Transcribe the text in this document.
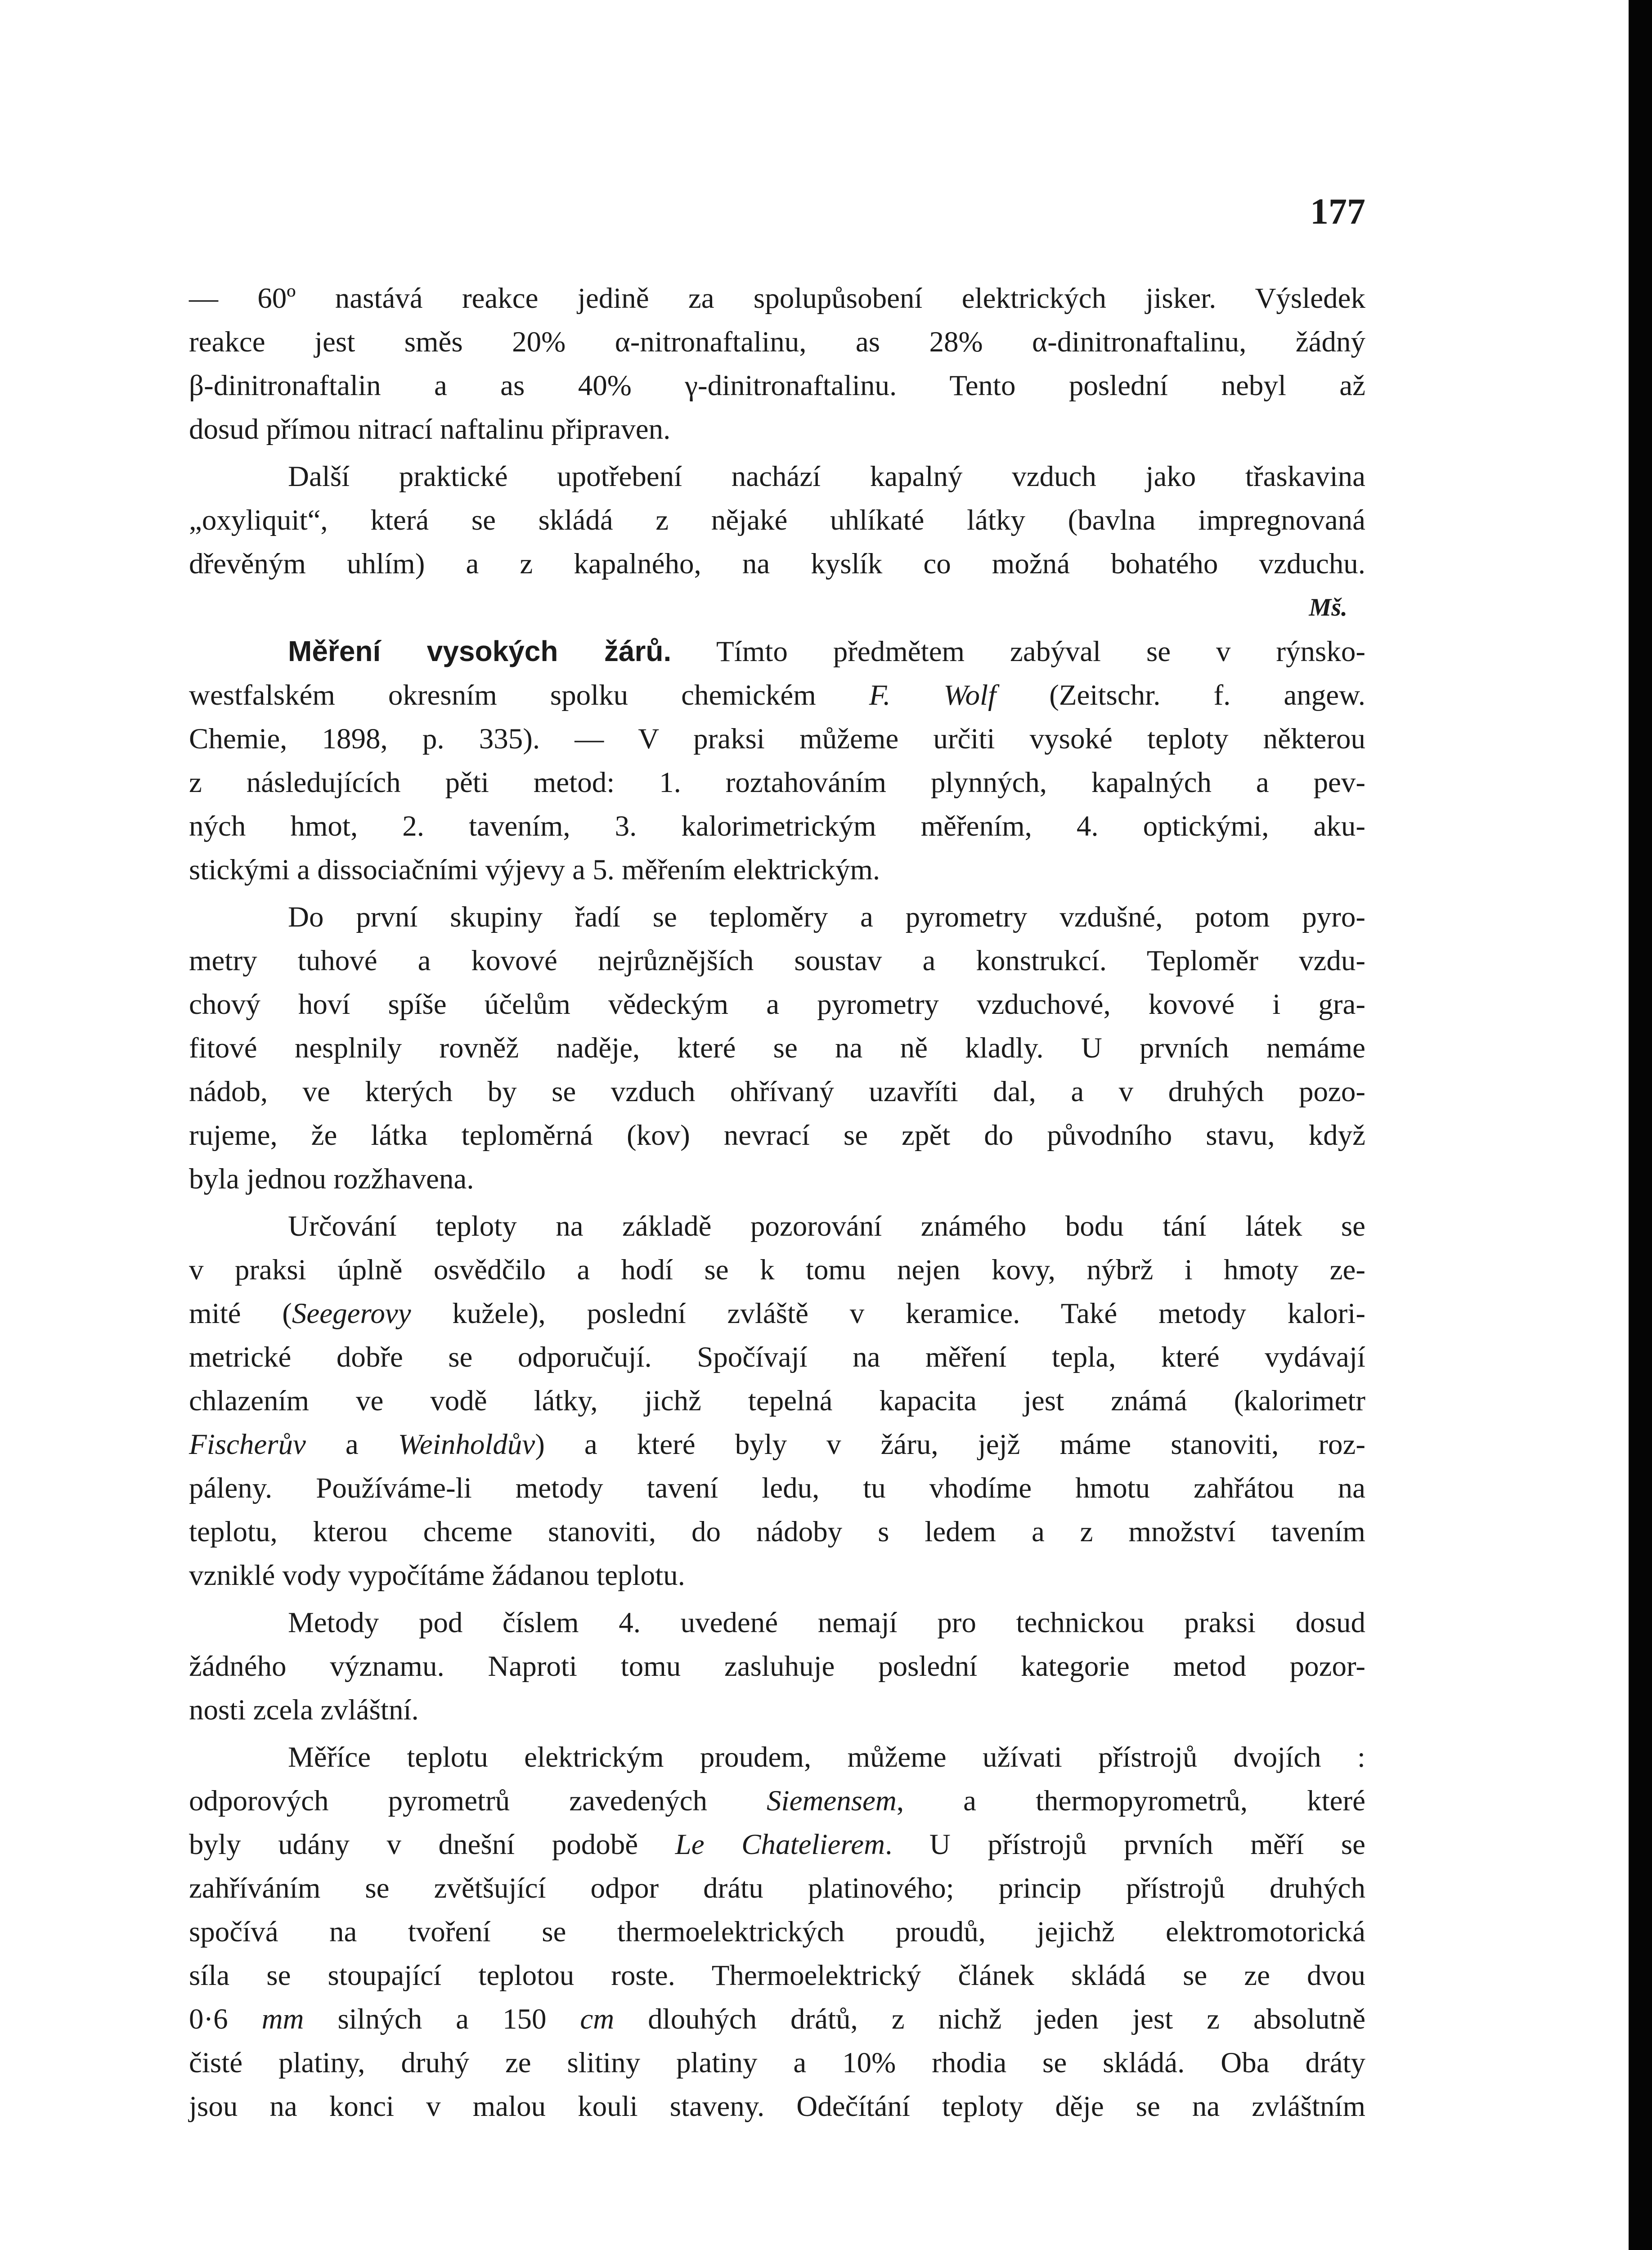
177
— 60º nastává reakce jedině za spolupůsobení elektrických jisker. Výsledek
reakce jest směs 20% α-nitronaftalinu, as 28% α-dinitronaftalinu, žádný
β-dinitronaftalin a as 40% γ-dinitronaftalinu. Tento poslední nebyl až
dosud přímou nitrací naftalinu připraven.
Další praktické upotřebení nachází kapalný vzduch jako třaskavina
„oxyliquit“, která se skládá z nějaké uhlíkaté látky (bavlna impregnovaná
dřevěným uhlím) a z kapalného, na kyslík co možná bohatého vzduchu.
Mš.
Měření vysokých žárů. Tímto předmětem zabýval se v rýnsko-
westfalském okresním spolku chemickém F. Wolf (Zeitschr. f. angew.
Chemie, 1898, p. 335). — V praksi můžeme určiti vysoké teploty některou
z následujících pěti metod: 1. roztahováním plynných, kapalných a pev-
ných hmot, 2. tavením, 3. kalorimetrickým měřením, 4. optickými, aku-
stickými a dissociačními výjevy a 5. měřením elektrickým.
Do první skupiny řadí se teploměry a pyrometry vzdušné, potom pyro-
metry tuhové a kovové nejrůznějších soustav a konstrukcí. Teploměr vzdu-
chový hoví spíše účelům vědeckým a pyrometry vzduchové, kovové i gra-
fitové nesplnily rovněž naděje, které se na ně kladly. U prvních nemáme
nádob, ve kterých by se vzduch ohřívaný uzavříti dal, a v druhých pozo-
rujeme, že látka teploměrná (kov) nevrací se zpět do původního stavu, když
byla jednou rozžhavena.
Určování teploty na základě pozorování známého bodu tání látek se
v praksi úplně osvědčilo a hodí se k tomu nejen kovy, nýbrž i hmoty ze-
mité (Seegerovy kužele), poslední zvláště v keramice. Také metody kalori-
metrické dobře se odporučují. Spočívají na měření tepla, které vydávají
chlazením ve vodě látky, jichž tepelná kapacita jest známá (kalorimetr
Fischerův a Weinholdův) a které byly v žáru, jejž máme stanoviti, roz-
páleny. Používáme-li metody tavení ledu, tu vhodíme hmotu zahřátou na
teplotu, kterou chceme stanoviti, do nádoby s ledem a z množství tavením
vzniklé vody vypočítáme žádanou teplotu.
Metody pod číslem 4. uvedené nemají pro technickou praksi dosud
žádného významu. Naproti tomu zasluhuje poslední kategorie metod pozor-
nosti zcela zvláštní.
Měříce teplotu elektrickým proudem, můžeme užívati přístrojů dvojích :
odporových pyrometrů zavedených Siemensem, a thermopyrometrů, které
byly udány v dnešní podobě Le Chatelierem. U přístrojů prvních měří se
zahříváním se zvětšující odpor drátu platinového; princip přístrojů druhých
spočívá na tvoření se thermoelektrických proudů, jejichž elektromotorická
síla se stoupající teplotou roste. Thermoelektrický článek skládá se ze dvou
0·6 mm silných a 150 cm dlouhých drátů, z nichž jeden jest z absolutně
čisté platiny, druhý ze slitiny platiny a 10% rhodia se skládá. Oba dráty
jsou na konci v malou kouli staveny. Odečítání teploty děje se na zvláštním
